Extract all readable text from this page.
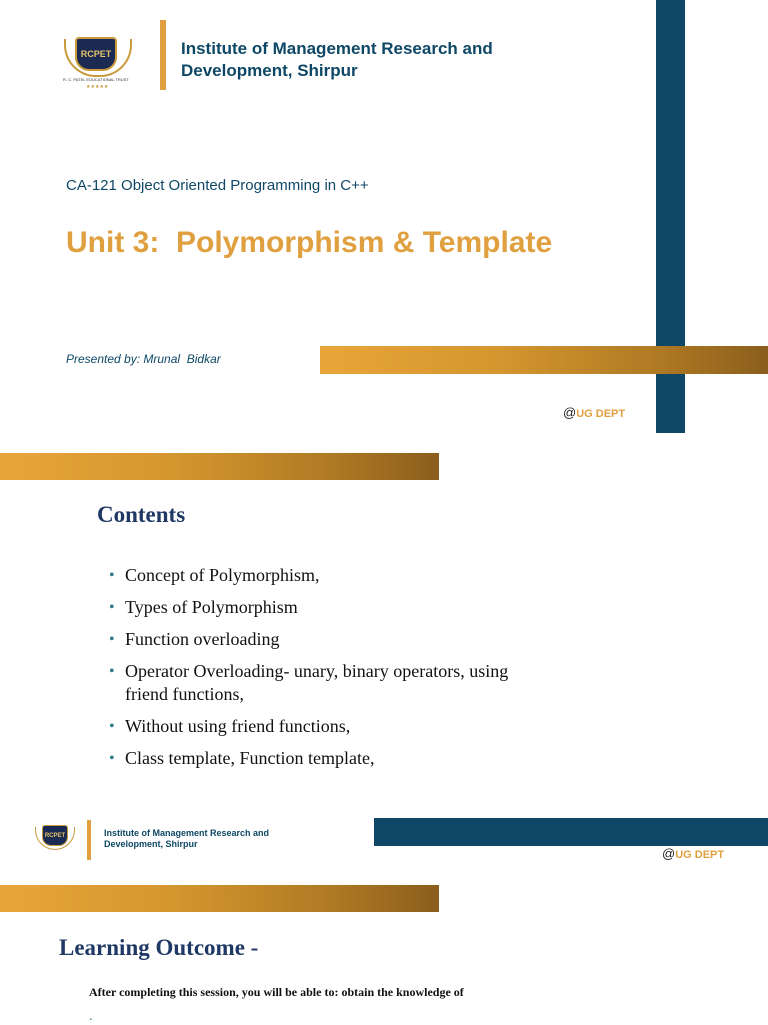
RCPET
R. C. PATEL EDUCATIONAL TRUST
★★★★★
Institute of Management Research and
Development, Shirpur
CA-121 Object Oriented Programming in C++
Unit 3:  Polymorphism & Template
Presented by: Mrunal  Bidkar
@UG DEPT
Contents
• Concept of Polymorphism,
• Types of Polymorphism
• Function overloading
• Operator Overloading- unary, binary operators, using
friend functions,
• Without using friend functions,
• Class template, Function template,
RCPET	Institute of Management Research and
Development, Shirpur
@UG DEPT
Learning Outcome -
After completing this session, you will be able to: obtain the knowledge of
.
